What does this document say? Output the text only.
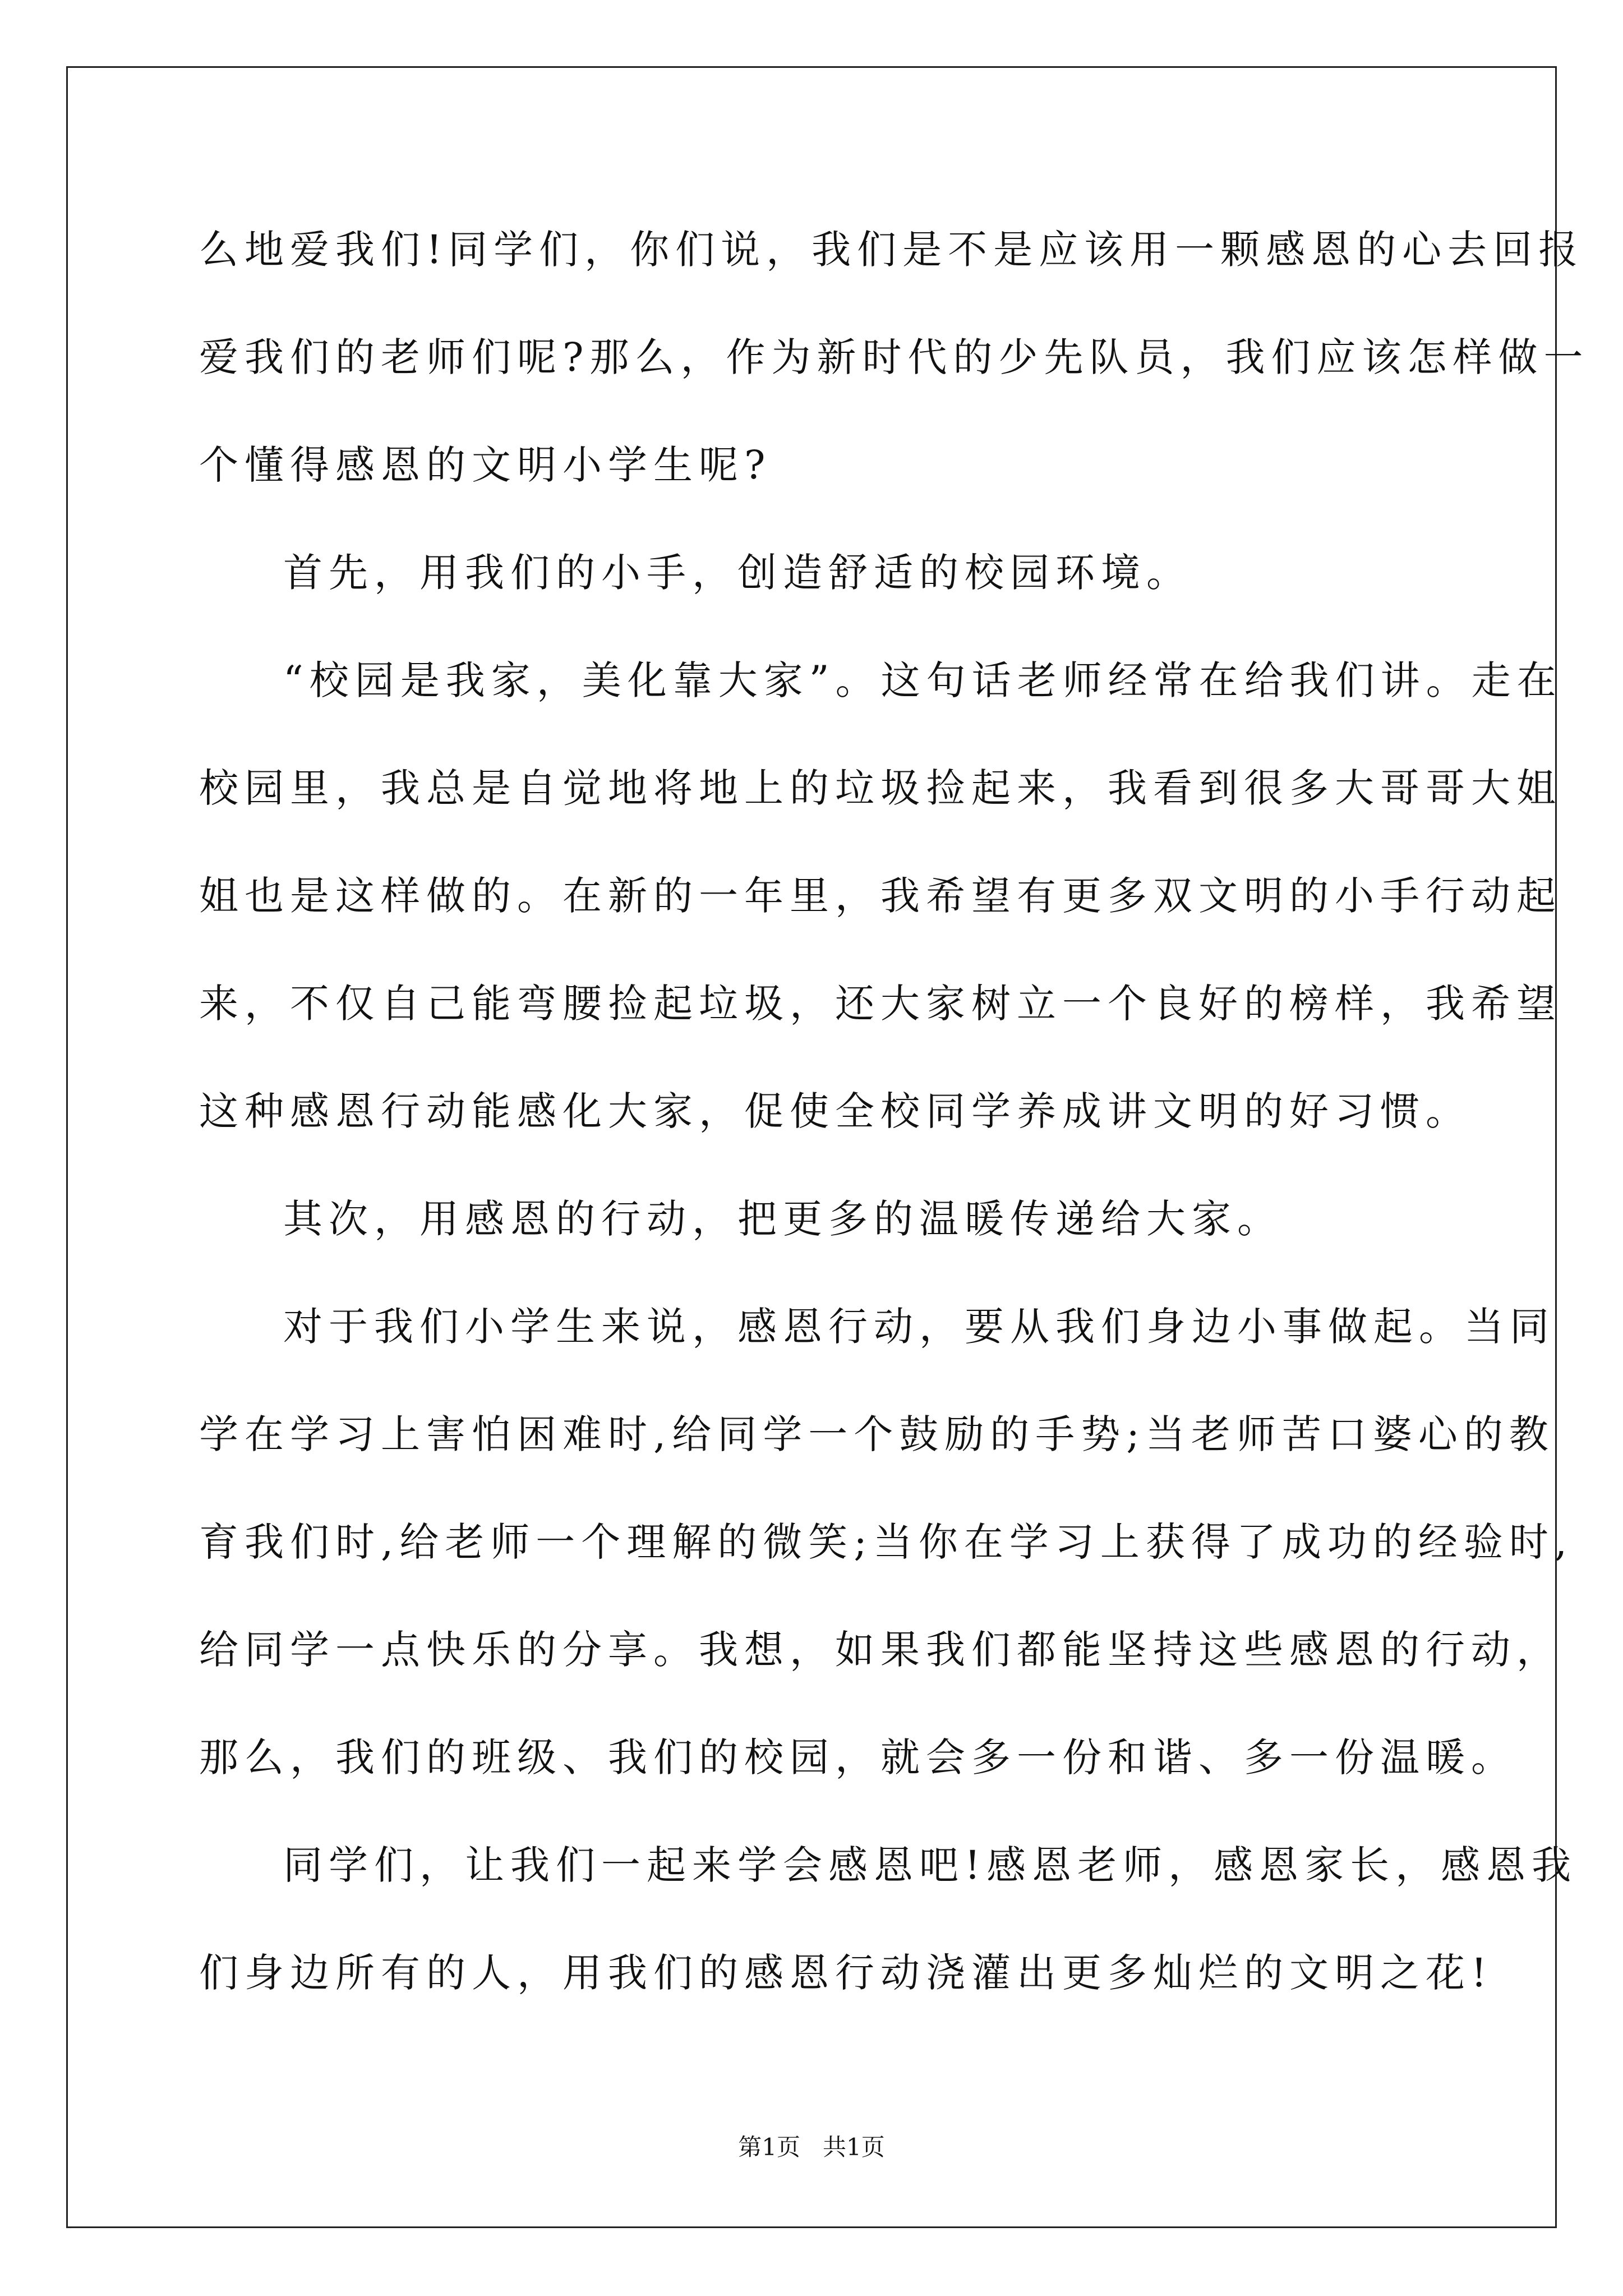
么地爱我们!同学们，你们说，我们是不是应该用一颗感恩的心去回报
爱我们的老师们呢?那么，作为新时代的少先队员，我们应该怎样做一
个懂得感恩的文明小学生呢?
首先，用我们的小手，创造舒适的校园环境。
“校园是我家，美化靠大家”。这句话老师经常在给我们讲。走在
校园里，我总是自觉地将地上的垃圾捡起来，我看到很多大哥哥大姐
姐也是这样做的。在新的一年里，我希望有更多双文明的小手行动起
来，不仅自己能弯腰捡起垃圾，还大家树立一个良好的榜样，我希望
这种感恩行动能感化大家，促使全校同学养成讲文明的好习惯。
其次，用感恩的行动，把更多的温暖传递给大家。
对于我们小学生来说，感恩行动，要从我们身边小事做起。当同
学在学习上害怕困难时,给同学一个鼓励的手势;当老师苦口婆心的教
育我们时,给老师一个理解的微笑;当你在学习上获得了成功的经验时,
给同学一点快乐的分享。我想，如果我们都能坚持这些感恩的行动，
那么，我们的班级、我们的校园，就会多一份和谐、多一份温暖。
同学们，让我们一起来学会感恩吧!感恩老师，感恩家长，感恩我
们身边所有的人，用我们的感恩行动浇灌出更多灿烂的文明之花!
第1页   共1页
